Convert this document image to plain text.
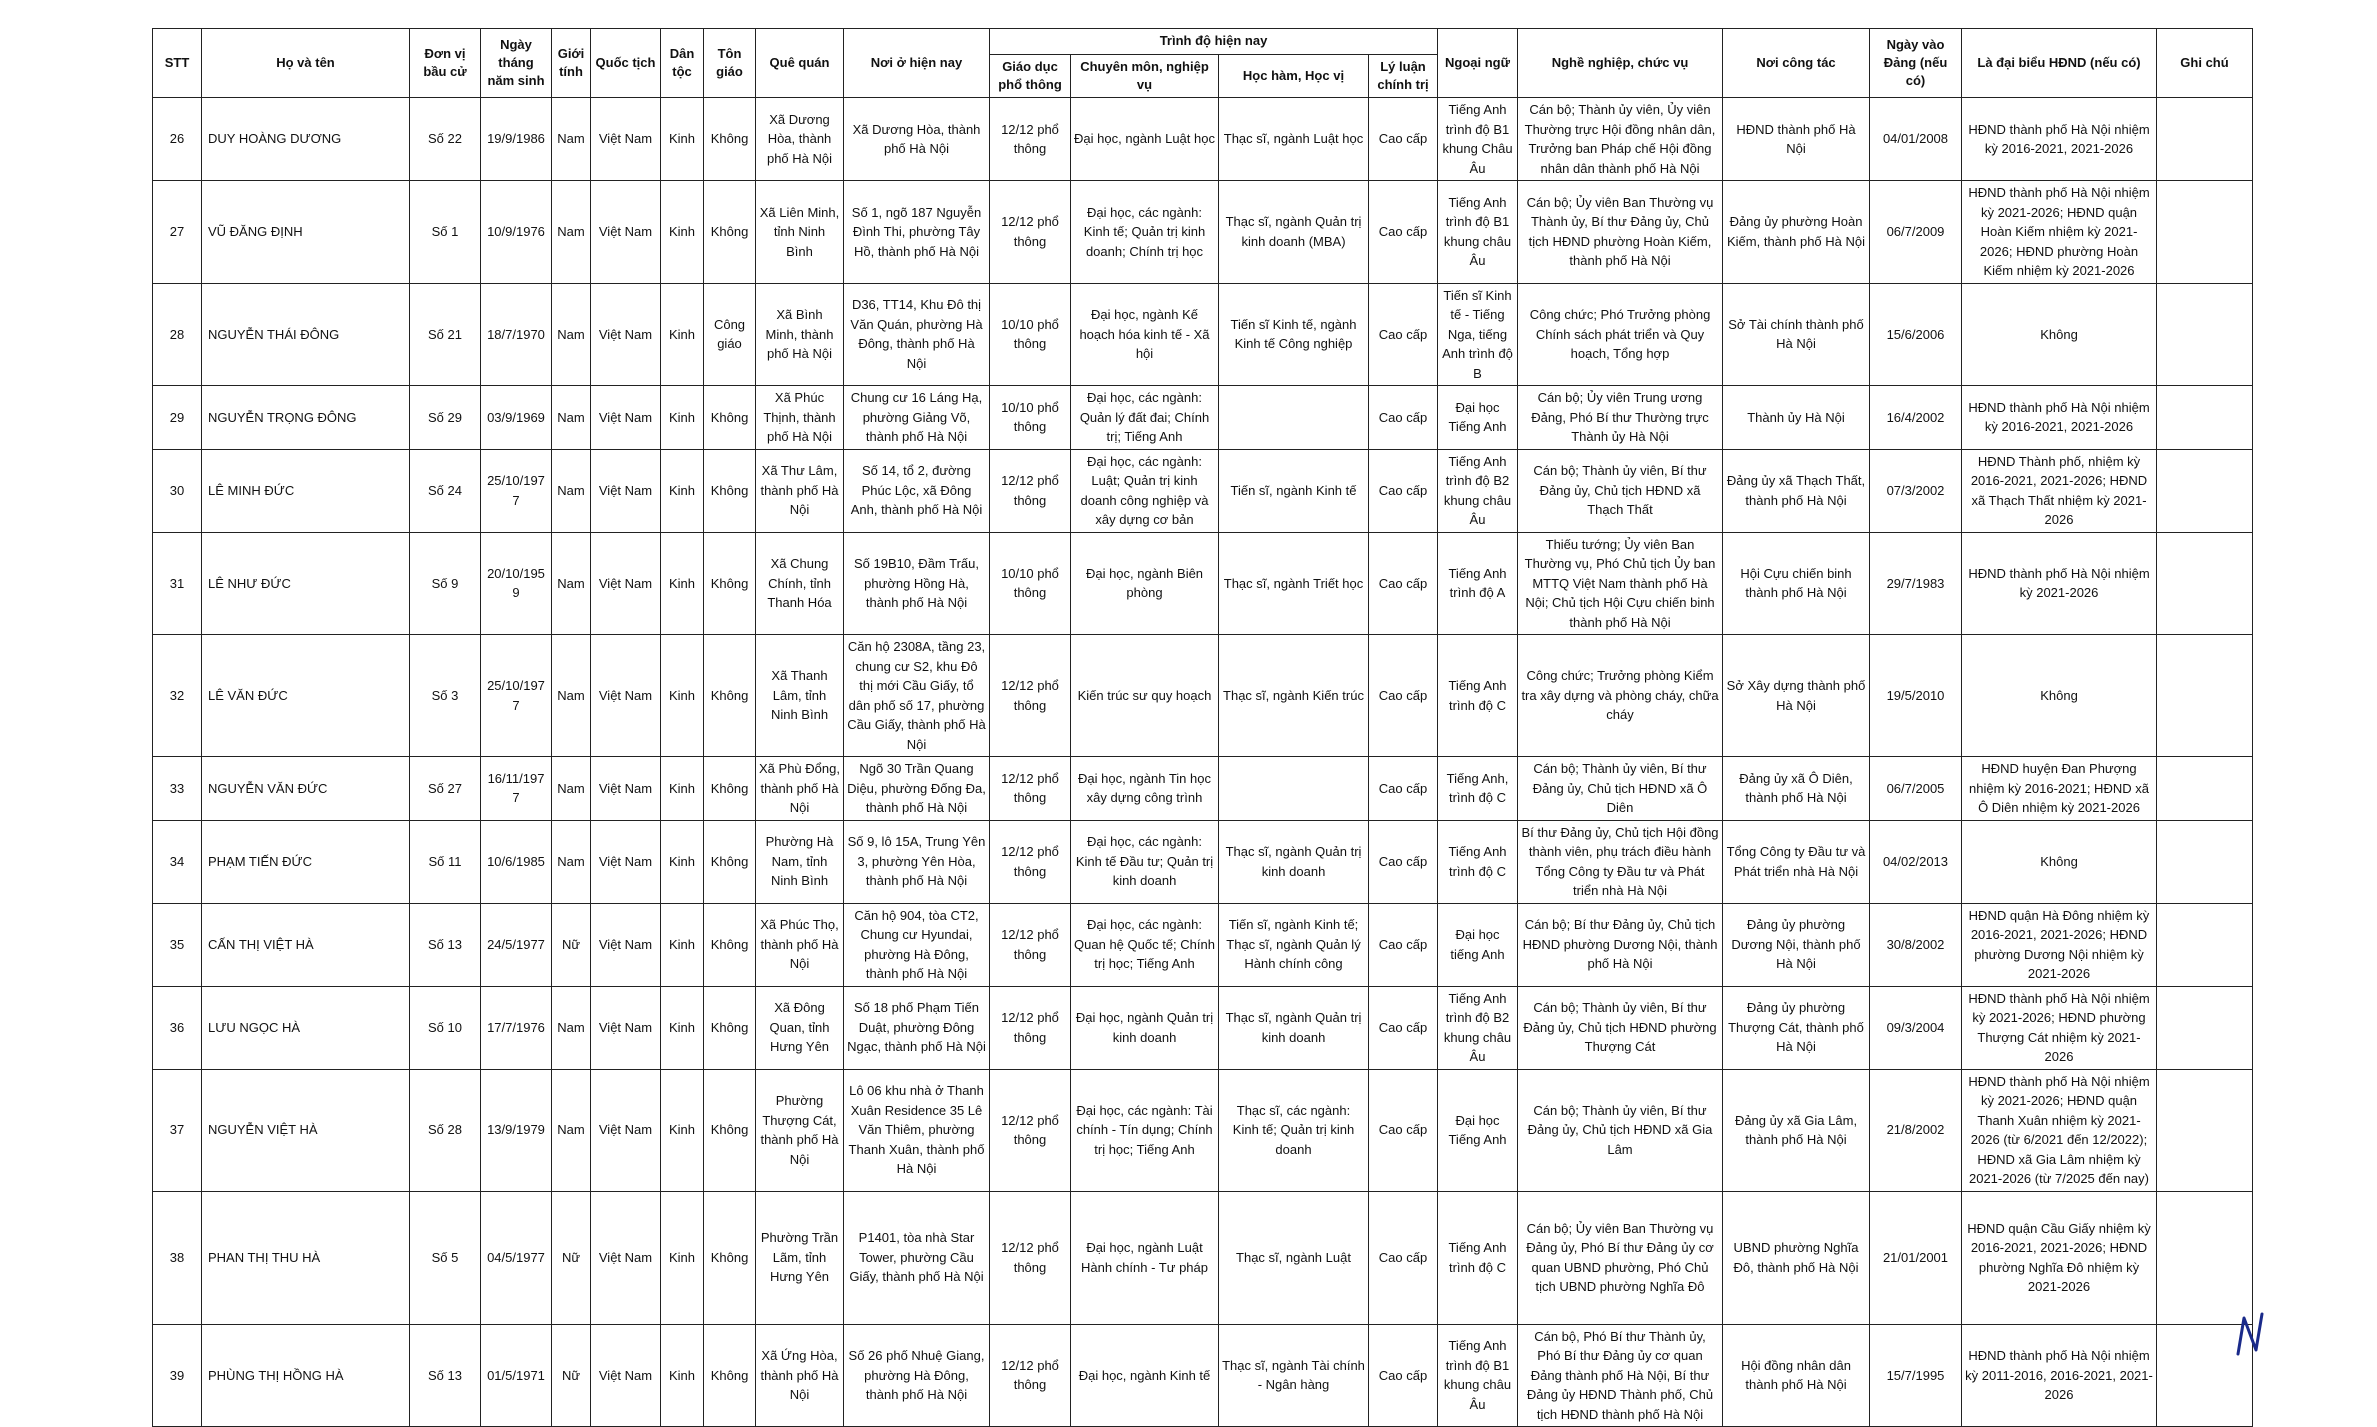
STT	Họ và tên	Đơn vị bầu cử	Ngày tháng năm sinh	Giới tính	Quốc tịch	Dân tộc	Tôn giáo	Quê quán	Nơi ở hiện nay	Trình độ hiện nay				Ngoại ngữ	Nghề nghiệp, chức vụ	Nơi công tác	Ngày vào Đảng (nếu có)	Là đại biểu HĐND (nếu có)	Ghi chú
										Giáo dục phổ thông	Chuyên môn, nghiệp vụ	Học hàm, Học vị	Lý luận chính trị						
26	DUY HOÀNG DƯƠNG	Số 22	19/9/1986	Nam	Việt Nam	Kinh	Không	Xã Dương Hòa, thành phố Hà Nội	Xã Dương Hòa, thành phố Hà Nội	12/12 phổ thông	Đại học, ngành Luật học	Thạc sĩ, ngành Luật học	Cao cấp	Tiếng Anh trình độ B1 khung Châu Âu	Cán bộ; Thành ủy viên, Ủy viên Thường trực Hội đồng nhân dân, Trưởng ban Pháp chế Hội đồng nhân dân thành phố Hà Nội	HĐND thành phố Hà Nội	04/01/2008	HĐND thành phố Hà Nội nhiệm kỳ 2016-2021, 2021-2026	
27	VŨ ĐĂNG ĐỊNH	Số 1	10/9/1976	Nam	Việt Nam	Kinh	Không	Xã Liên Minh, tỉnh Ninh Bình	Số 1, ngõ 187 Nguyễn Đình Thi, phường Tây Hồ, thành phố Hà Nội	12/12 phổ thông	Đại học, các ngành: Kinh tế; Quản trị kinh doanh; Chính trị học	Thạc sĩ, ngành Quản trị kinh doanh (MBA)	Cao cấp	Tiếng Anh trình độ B1 khung châu Âu	Cán bộ; Ủy viên Ban Thường vụ Thành ủy, Bí thư Đảng ủy, Chủ tịch HĐND phường Hoàn Kiếm, thành phố Hà Nội	Đảng ủy phường Hoàn Kiếm, thành phố Hà Nội	06/7/2009	HĐND thành phố Hà Nội nhiệm kỳ 2021-2026; HĐND quận Hoàn Kiếm nhiệm kỳ 2021-2026; HĐND phường Hoàn Kiếm nhiệm kỳ 2021-2026	
28	NGUYỄN THÁI ĐÔNG	Số 21	18/7/1970	Nam	Việt Nam	Kinh	Công giáo	Xã Bình Minh, thành phố Hà Nội	D36, TT14, Khu Đô thị Văn Quán, phường Hà Đông, thành phố Hà Nội	10/10 phổ thông	Đại học, ngành Kế hoạch hóa kinh tế - Xã hội	Tiến sĩ Kinh tế, ngành Kinh tế Công nghiệp	Cao cấp	Tiến sĩ Kinh tế - Tiếng Nga, tiếng Anh trình độ B	Công chức; Phó Trưởng phòng Chính sách phát triển và Quy hoạch, Tổng hợp	Sở Tài chính thành phố Hà Nội	15/6/2006	Không	
29	NGUYỄN TRỌNG ĐÔNG	Số 29	03/9/1969	Nam	Việt Nam	Kinh	Không	Xã Phúc Thịnh, thành phố Hà Nội	Chung cư 16 Láng Hạ, phường Giảng Võ, thành phố Hà Nội	10/10 phổ thông	Đại học, các ngành: Quản lý đất đai; Chính trị; Tiếng Anh		Cao cấp	Đại học Tiếng Anh	Cán bộ; Ủy viên Trung ương Đảng, Phó Bí thư Thường trực Thành ủy Hà Nội	Thành ủy Hà Nội	16/4/2002	HĐND thành phố Hà Nội nhiệm kỳ 2016-2021, 2021-2026	
30	LÊ MINH ĐỨC	Số 24	25/10/1977	Nam	Việt Nam	Kinh	Không	Xã Thư Lâm, thành phố Hà Nội	Số 14, tổ 2, đường Phúc Lộc, xã Đông Anh, thành phố Hà Nội	12/12 phổ thông	Đại học, các ngành: Luật; Quản trị kinh doanh công nghiệp và xây dựng cơ bản	Tiến sĩ, ngành Kinh tế	Cao cấp	Tiếng Anh trình độ B2 khung châu Âu	Cán bộ; Thành ủy viên, Bí thư Đảng ủy, Chủ tịch HĐND xã Thạch Thất	Đảng ủy xã Thạch Thất, thành phố Hà Nội	07/3/2002	HĐND Thành phố, nhiệm kỳ 2016-2021, 2021-2026; HĐND xã Thạch Thất nhiệm kỳ 2021-2026	
31	LÊ NHƯ ĐỨC	Số 9	20/10/1959	Nam	Việt Nam	Kinh	Không	Xã Chung Chính, tỉnh Thanh Hóa	Số 19B10, Đầm Trấu, phường Hồng Hà, thành phố Hà Nội	10/10 phổ thông	Đại học, ngành Biên phòng	Thạc sĩ, ngành Triết học	Cao cấp	Tiếng Anh trình độ A	Thiếu tướng; Ủy viên Ban Thường vụ, Phó Chủ tịch Ủy ban MTTQ Việt Nam thành phố Hà Nội; Chủ tịch Hội Cựu chiến binh thành phố Hà Nội	Hội Cựu chiến binh thành phố Hà Nội	29/7/1983	HĐND thành phố Hà Nội nhiệm kỳ 2021-2026	
32	LÊ VĂN ĐỨC	Số 3	25/10/1977	Nam	Việt Nam	Kinh	Không	Xã Thanh Lâm, tỉnh Ninh Bình	Căn hộ 2308A, tầng 23, chung cư S2, khu Đô thị mới Cầu Giấy, tổ dân phố số 17, phường Cầu Giấy, thành phố Hà Nội	12/12 phổ thông	Kiến trúc sư quy hoạch	Thạc sĩ, ngành Kiến trúc	Cao cấp	Tiếng Anh trình độ C	Công chức; Trưởng phòng Kiểm tra xây dựng và phòng cháy, chữa cháy	Sở Xây dựng thành phố Hà Nội	19/5/2010	Không	
33	NGUYỄN VĂN ĐỨC	Số 27	16/11/1977	Nam	Việt Nam	Kinh	Không	Xã Phù Đổng, thành phố Hà Nội	Ngõ 30 Trần Quang Diệu, phường Đống Đa, thành phố Hà Nội	12/12 phổ thông	Đại học, ngành Tin học xây dựng công trình		Cao cấp	Tiếng Anh, trình độ C	Cán bộ; Thành ủy viên, Bí thư Đảng ủy, Chủ tịch HĐND xã Ô Diên	Đảng ủy xã Ô Diên, thành phố Hà Nội	06/7/2005	HĐND huyện Đan Phượng nhiệm kỳ 2016-2021; HĐND xã Ô Diên nhiệm kỳ 2021-2026	
34	PHẠM TIẾN ĐỨC	Số 11	10/6/1985	Nam	Việt Nam	Kinh	Không	Phường Hà Nam, tỉnh Ninh Bình	Số 9, lô 15A, Trung Yên 3, phường Yên Hòa, thành phố Hà Nội	12/12 phổ thông	Đại học, các ngành: Kinh tế Đầu tư; Quản trị kinh doanh	Thạc sĩ, ngành Quản trị kinh doanh	Cao cấp	Tiếng Anh trình độ C	Bí thư Đảng ủy, Chủ tịch Hội đồng thành viên, phụ trách điều hành Tổng Công ty Đầu tư và Phát triển nhà Hà Nội	Tổng Công ty Đầu tư và Phát triển nhà Hà Nội	04/02/2013	Không	
35	CẤN THỊ VIỆT HÀ	Số 13	24/5/1977	Nữ	Việt Nam	Kinh	Không	Xã Phúc Thọ, thành phố Hà Nội	Căn hộ 904, tòa CT2, Chung cư Hyundai, phường Hà Đông, thành phố Hà Nội	12/12 phổ thông	Đại học, các ngành: Quan hệ Quốc tế; Chính trị học; Tiếng Anh	Tiến sĩ, ngành Kinh tế; Thạc sĩ, ngành Quản lý Hành chính công	Cao cấp	Đại học tiếng Anh	Cán bộ; Bí thư Đảng ủy, Chủ tịch HĐND phường Dương Nội, thành phố Hà Nội	Đảng ủy phường Dương Nội, thành phố Hà Nội	30/8/2002	HĐND quận Hà Đông nhiệm kỳ 2016-2021, 2021-2026; HĐND phường Dương Nội nhiệm kỳ 2021-2026	
36	LƯU NGỌC HÀ	Số 10	17/7/1976	Nam	Việt Nam	Kinh	Không	Xã Đông Quan, tỉnh Hưng Yên	Số 18 phố Phạm Tiến Duật, phường Đông Ngạc, thành phố Hà Nội	12/12 phổ thông	Đại học, ngành Quản trị kinh doanh	Thạc sĩ, ngành Quản trị kinh doanh	Cao cấp	Tiếng Anh trình độ B2 khung châu Âu	Cán bộ; Thành ủy viên, Bí thư Đảng ủy, Chủ tịch HĐND phường Thượng Cát	Đảng ủy phường Thượng Cát, thành phố Hà Nội	09/3/2004	HĐND thành phố Hà Nội nhiệm kỳ 2021-2026; HĐND phường Thượng Cát nhiệm kỳ 2021-2026	
37	NGUYỄN VIỆT HÀ	Số 28	13/9/1979	Nam	Việt Nam	Kinh	Không	Phường Thượng Cát, thành phố Hà Nội	Lô 06 khu nhà ở Thanh Xuân Residence 35 Lê Văn Thiêm, phường Thanh Xuân, thành phố Hà Nội	12/12 phổ thông	Đại học, các ngành: Tài chính - Tín dụng; Chính trị học; Tiếng Anh	Thạc sĩ, các ngành: Kinh tế; Quản trị kinh doanh	Cao cấp	Đại học Tiếng Anh	Cán bộ; Thành ủy viên, Bí thư Đảng ủy, Chủ tịch HĐND xã Gia Lâm	Đảng ủy xã Gia Lâm, thành phố Hà Nội	21/8/2002	HĐND thành phố Hà Nội nhiệm kỳ 2021-2026; HĐND quận Thanh Xuân nhiệm kỳ 2021-2026 (từ 6/2021 đến 12/2022); HĐND xã Gia Lâm nhiệm kỳ 2021-2026 (từ 7/2025 đến nay)	
38	PHAN THỊ THU HÀ	Số 5	04/5/1977	Nữ	Việt Nam	Kinh	Không	Phường Trần Lãm, tỉnh Hưng Yên	P1401, tòa nhà Star Tower, phường Cầu Giấy, thành phố Hà Nội	12/12 phổ thông	Đại học, ngành Luật Hành chính - Tư pháp	Thạc sĩ, ngành Luật	Cao cấp	Tiếng Anh trình độ C	Cán bộ; Ủy viên Ban Thường vụ Đảng ủy, Phó Bí thư Đảng ủy cơ quan UBND phường, Phó Chủ tịch UBND phường Nghĩa Đô	UBND phường Nghĩa Đô, thành phố Hà Nội	21/01/2001	HĐND quận Cầu Giấy nhiệm kỳ 2016-2021, 2021-2026; HĐND phường Nghĩa Đô nhiệm kỳ 2021-2026	
39	PHÙNG THỊ HỒNG HÀ	Số 13	01/5/1971	Nữ	Việt Nam	Kinh	Không	Xã Ứng Hòa, thành phố Hà Nội	Số 26 phố Nhuệ Giang, phường Hà Đông, thành phố Hà Nội	12/12 phổ thông	Đại học, ngành Kinh tế	Thạc sĩ, ngành Tài chính - Ngân hàng	Cao cấp	Tiếng Anh trình độ B1 khung châu Âu	Cán bộ, Phó Bí thư Thành ủy, Phó Bí thư Đảng ủy cơ quan Đảng thành phố Hà Nội, Bí thư Đảng ủy HĐND Thành phố, Chủ tịch HĐND thành phố Hà Nội	Hội đồng nhân dân thành phố Hà Nội	15/7/1995	HĐND thành phố Hà Nội nhiệm kỳ 2011-2016, 2016-2021, 2021-2026	
